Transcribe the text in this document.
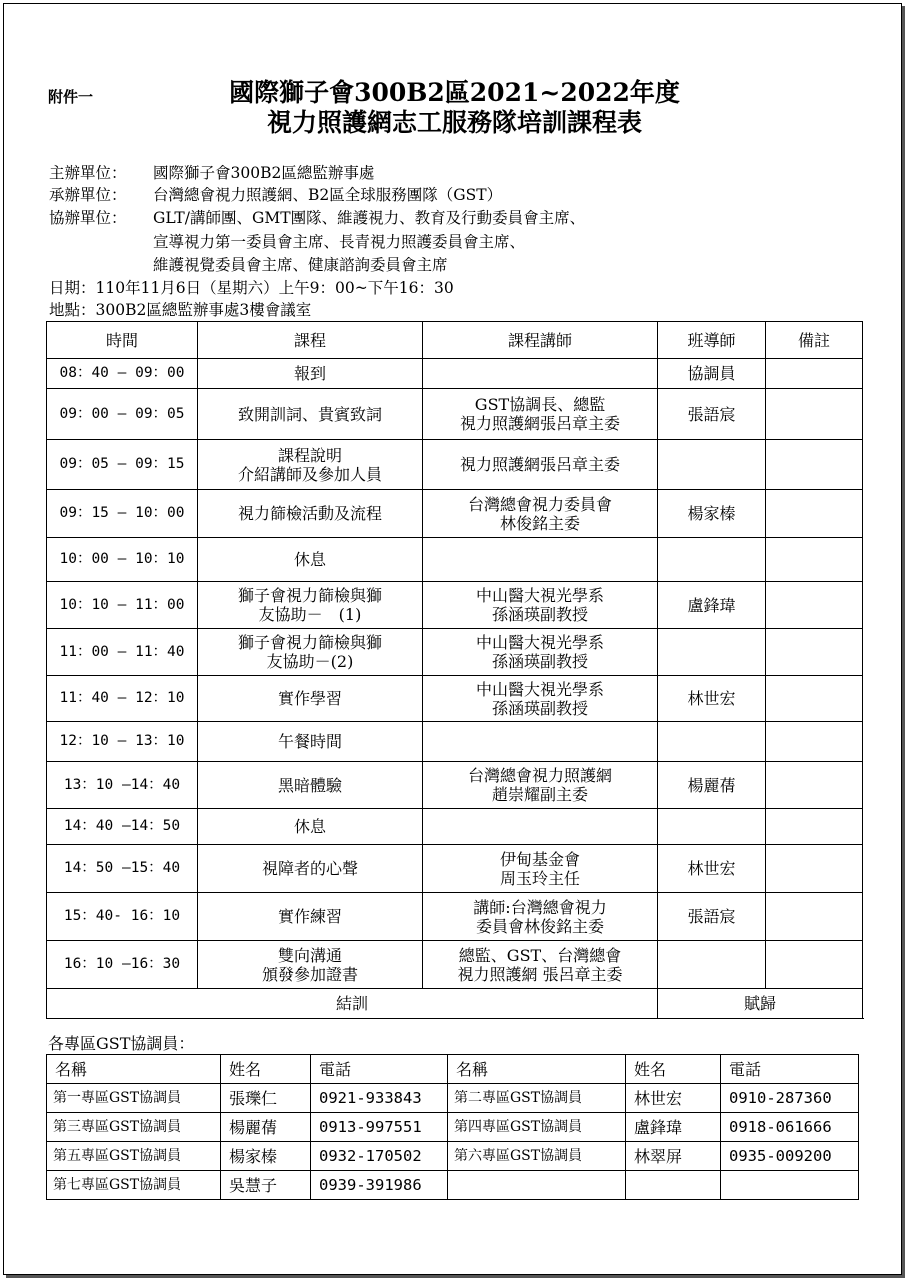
附件一	國際獅子會300B2區2021~2022年度
視力照護網志工服務隊培訓課程表
主辦單位： 國際獅子會300B2區總監辦事處
承辦單位： 台灣總會視力照護網、B2區全球服務團隊（GST）
協辦單位： GLT/講師團、GMT團隊、維護視力、教育及行動委員會主席、
宣導視力第一委員會主席、長青視力照護委員會主席、
維護視覺委員會主席、健康諮詢委員會主席
日期：110年11月6日（星期六）上午9：00~下午16：30
地點：300B2區總監辦事處3樓會議室
時間	課程	課程講師	班導師	備註
08：40 – 09：00	報到		協調員	
09：00 – 09：05	致開訓詞、貴賓致詞	GST協調長、總監
視力照護網張呂章主委	張語宸	
09：05 – 09：15	課程說明
介紹講師及參加人員	視力照護網張呂章主委		

09：15 – 10：00	視力篩檢活動及流程	台灣總會視力委員會
林俊銘主委	楊家榛	
10：00 – 10：10	休息			

10：10 – 11：00	獅子會視力篩檢與獅
友協助－　(1)	中山醫大視光學系
孫涵瑛副教授	盧鋒瑋	
11：00 – 11：40	獅子會視力篩檢與獅
友協助－(2)	中山醫大視光學系
孫涵瑛副教授		

11：40 – 12：10	實作學習	中山醫大視光學系
孫涵瑛副教授	林世宏	
12：10 – 13：10	午餐時間			

13：10 –14：40	黑暗體驗	台灣總會視力照護網
趙崇耀副主委	楊麗蒨	
14：40 –14：50	休息			

14：50 –15：40	視障者的心聲	伊甸基金會
周玉玲主任	林世宏	
15：40- 16：10	實作練習	講師:台灣總會視力
委員會林俊銘主委	張語宸	
16：10 –16：30	雙向溝通
頒發參加證書	總監、GST、台灣總會
視力照護網 張呂章主委		

結訓			賦歸	
各專區GST協調員：
名稱	姓名	電話	名稱	姓名	電話
第一專區GST協調員	張瓅仁	0921-933843	第二專區GST協調員	林世宏	0910-287360
第三專區GST協調員	楊麗蒨	0913-997551	第四專區GST協調員	盧鋒瑋	0918-061666
第五專區GST協調員	楊家榛	0932-170502	第六專區GST協調員	林翠屏	0935-009200
第七專區GST協調員	吳慧子	0939-391986			
